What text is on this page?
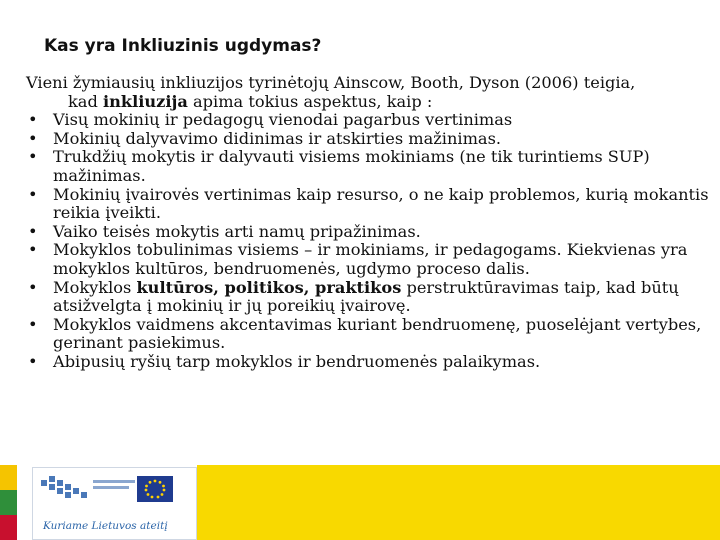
Kas yra Inkliuzinis ugdymas?
Vieni žymiausių inkliuzijos tyrinėtojų Ainscow, Booth, Dyson (2006) teigia,
kad inkliuzija apima tokius aspektus, kaip :
• Visų mokinių ir pedagogų vienodai pagarbus vertinimas
• Mokinių dalyvavimo didinimas ir atskirties mažinimas.
• Trukdžių mokytis ir dalyvauti visiems mokiniams (ne tik turintiems SUP) mažinimas.
• Mokinių įvairovės vertinimas kaip resurso, o ne kaip problemos, kurią mokantis reikia įveikti.
• Vaiko teisės mokytis arti namų pripažinimas.
• Mokyklos tobulinimas visiems – ir mokiniams, ir pedagogams. Kiekvienas yra mokyklos kultūros, bendruomenės, ugdymo proceso dalis.
• Mokyklos kultūros, politikos, praktikos perstruktūravimas taip, kad būtų atsižvelgta į mokinių ir jų poreikių įvairovę.
• Mokyklos vaidmens akcentavimas kuriant bendruomenę, puoselėjant vertybes, gerinant pasiekimus.
• Abipusių ryšių tarp mokyklos ir bendruomenės palaikymas.
Kuriame Lietuvos ateitį
